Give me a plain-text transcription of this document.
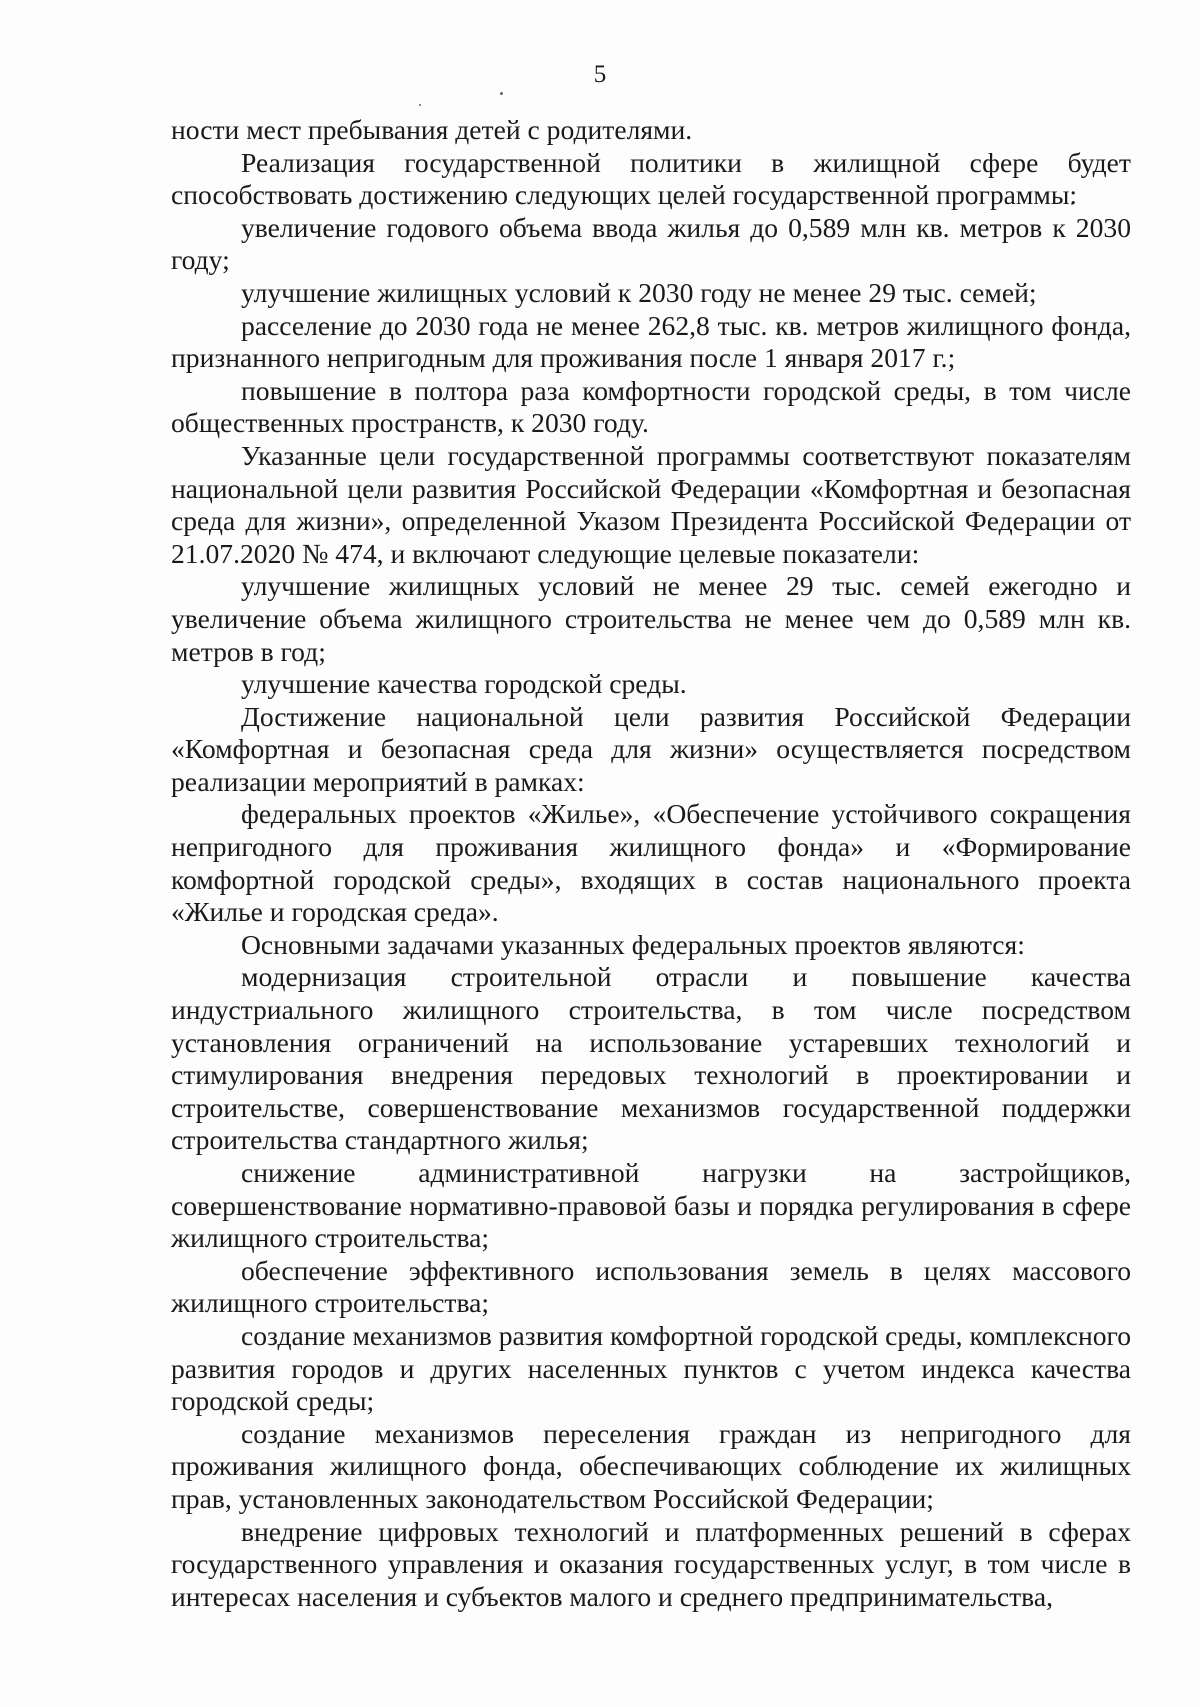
5

ности мест пребывания детей с родителями.

Реализация государственной политики в жилищной сфере будет способствовать достижению следующих целей государственной программы:

увеличение годового объема ввода жилья до 0,589 млн кв. метров к 2030 году;

улучшение жилищных условий к 2030 году не менее 29 тыс. семей;

расселение до 2030 года не менее 262,8 тыс. кв. метров жилищного фонда, признанного непригодным для проживания после 1 января 2017 г.;

повышение в полтора раза комфортности городской среды, в том числе общественных пространств, к 2030 году.

Указанные цели государственной программы соответствуют показателям национальной цели развития Российской Федерации «Комфортная и безопасная среда для жизни», определенной Указом Президента Российской Федерации от 21.07.2020 № 474, и включают следующие целевые показатели:

улучшение жилищных условий не менее 29 тыс. семей ежегодно и увеличение объема жилищного строительства не менее чем до 0,589 млн кв. метров в год;

улучшение качества городской среды.

Достижение национальной цели развития Российской Федерации «Комфортная и безопасная среда для жизни» осуществляется посредством реализации мероприятий в рамках:

федеральных проектов «Жилье», «Обеспечение устойчивого сокращения непригодного для проживания жилищного фонда» и «Формирование комфортной городской среды», входящих в состав национального проекта «Жилье и городская среда».

Основными задачами указанных федеральных проектов являются:

модернизация строительной отрасли и повышение качества индустриального жилищного строительства, в том числе посредством установления ограничений на использование устаревших технологий и стимулирования внедрения передовых технологий в проектировании и строительстве, совершенствование механизмов государственной поддержки строительства стандартного жилья;

снижение административной нагрузки на застройщиков, совершенствование нормативно-правовой базы и порядка регулирования в сфере жилищного строительства;

обеспечение эффективного использования земель в целях массового жилищного строительства;

создание механизмов развития комфортной городской среды, комплексного развития городов и других населенных пунктов с учетом индекса качества городской среды;

создание механизмов переселения граждан из непригодного для проживания жилищного фонда, обеспечивающих соблюдение их жилищных прав, установленных законодательством Российской Федерации;

внедрение цифровых технологий и платформенных решений в сферах государственного управления и оказания государственных услуг, в том числе в интересах населения и субъектов малого и среднего предпринимательства,
